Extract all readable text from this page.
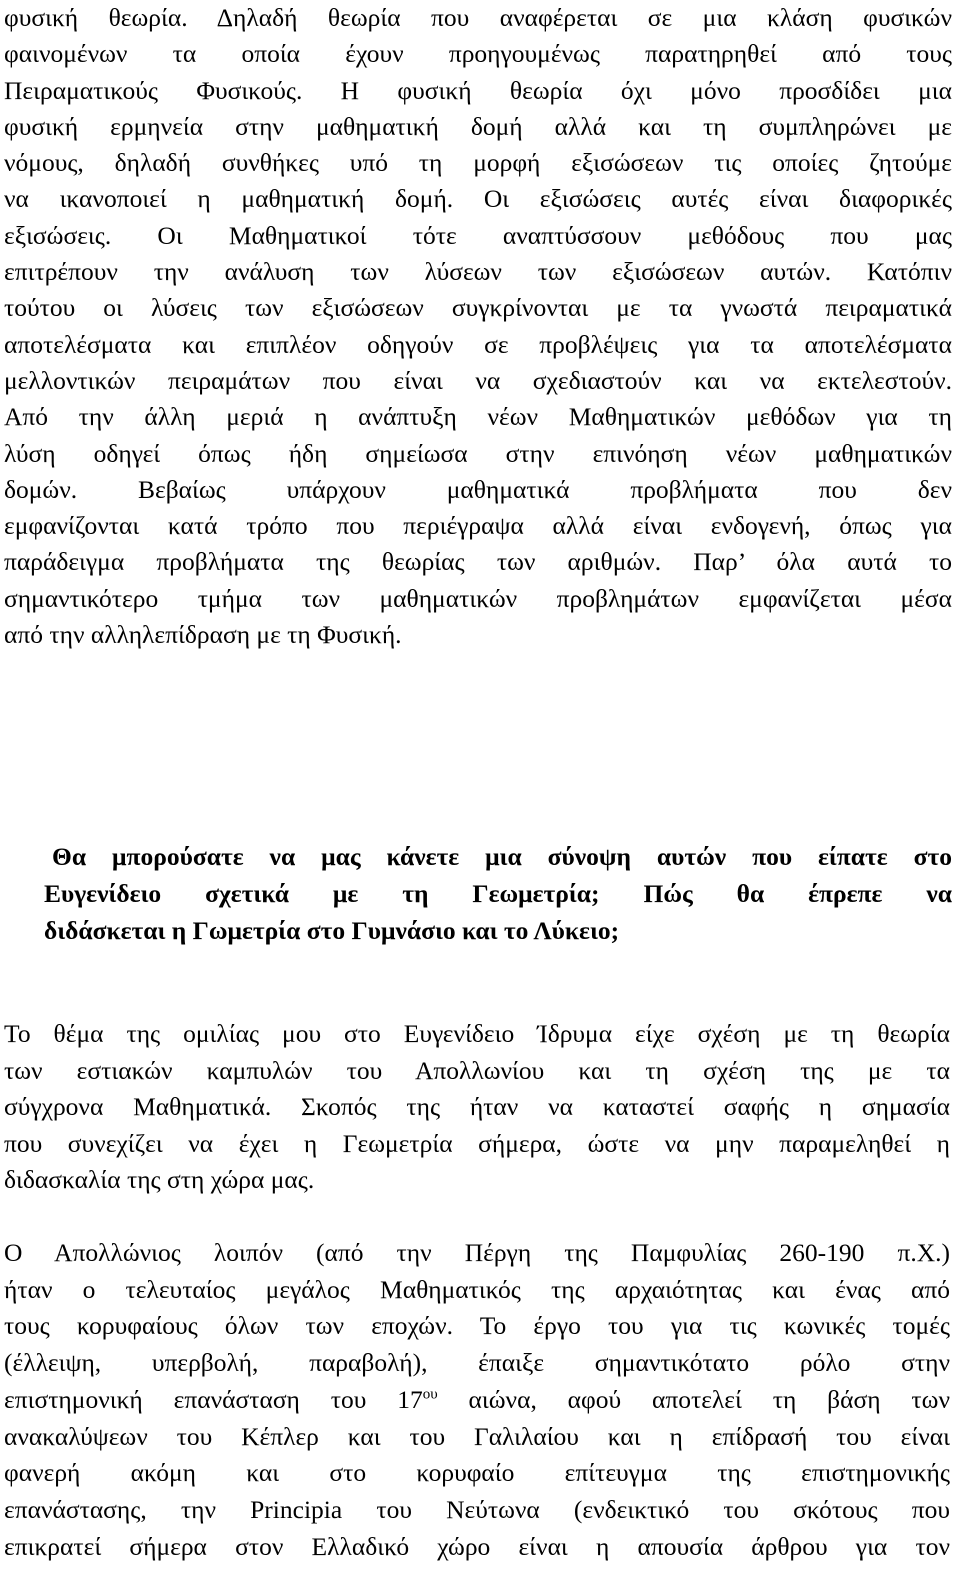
φυσική θεωρία. Δηλαδή θεωρία που αναφέρεται σε μια κλάση φυσικών
φαινομένων τα οποία έχουν προηγουμένως παρατηρηθεί από τους
Πειραματικούς Φυσικούς. Η φυσική θεωρία όχι μόνο προσδίδει μια
φυσική ερμηνεία στην μαθηματική δομή αλλά και τη συμπληρώνει με
νόμους, δηλαδή συνθήκες υπό τη μορφή εξισώσεων τις οποίες ζητούμε
να ικανοποιεί η μαθηματική δομή. Οι εξισώσεις αυτές είναι διαφορικές
εξισώσεις. Οι Μαθηματικοί τότε αναπτύσσουν μεθόδους που μας
επιτρέπουν την ανάλυση των λύσεων των εξισώσεων αυτών. Κατόπιν
τούτου οι λύσεις των εξισώσεων συγκρίνονται με τα γνωστά πειραματικά
αποτελέσματα και επιπλέον οδηγούν σε προβλέψεις για τα αποτελέσματα
μελλοντικών πειραμάτων που είναι να σχεδιαστούν και να εκτελεστούν.
Από την άλλη μεριά η ανάπτυξη νέων Μαθηματικών μεθόδων για τη
λύση οδηγεί όπως ήδη σημείωσα στην επινόηση νέων μαθηματικών
δομών. Βεβαίως υπάρχουν μαθηματικά προβλήματα που δεν
εμφανίζονται κατά τρόπο που περιέγραψα αλλά είναι ενδογενή, όπως για
παράδειγμα προβλήματα της θεωρίας των αριθμών. Παρ’ όλα αυτά το
σημαντικότερο τμήμα των μαθηματικών προβλημάτων εμφανίζεται μέσα
από την αλληλεπίδραση με τη Φυσική.

Θα μπορούσατε να μας κάνετε μια σύνοψη αυτών που είπατε στο
Ευγενίδειο σχετικά με τη Γεωμετρία; Πώς θα έπρεπε να
διδάσκεται η Γωμετρία στο Γυμνάσιο και το Λύκειο;
Το θέμα της ομιλίας μου στο Ευγενίδειο Ίδρυμα είχε σχέση με τη θεωρία
των εστιακών καμπυλών του Απολλωνίου και τη σχέση της με τα
σύγχρονα Μαθηματικά. Σκοπός της ήταν να καταστεί σαφής η σημασία
που συνεχίζει να έχει η Γεωμετρία σήμερα, ώστε να μην παραμεληθεί η
διδασκαλία της στη χώρα μας.
Ο Απολλώνιος λοιπόν (από την Πέργη της Παμφυλίας 260-190 π.Χ.)
ήταν ο τελευταίος μεγάλος Μαθηματικός της αρχαιότητας και ένας από
τους κορυφαίους όλων των εποχών. Το έργο του για τις κωνικές τομές
(έλλειψη, υπερβολή, παραβολή), έπαιξε σημαντικότατο ρόλο στην
επιστημονική επανάσταση του $17^{o\upsilon}$ αιώνα, αφού αποτελεί τη βάση των
ανακαλύψεων του Κέπλερ και του Γαλιλαίου και η επίδρασή του είναι
φανερή ακόμη και στο κορυφαίο επίτευγμα της επιστημονικής
επανάστασης, την Principia του Νεύτωνα (ενδεικτικό του σκότους που
επικρατεί σήμερα στον Ελλαδικό χώρο είναι η απουσία άρθρου για τον
